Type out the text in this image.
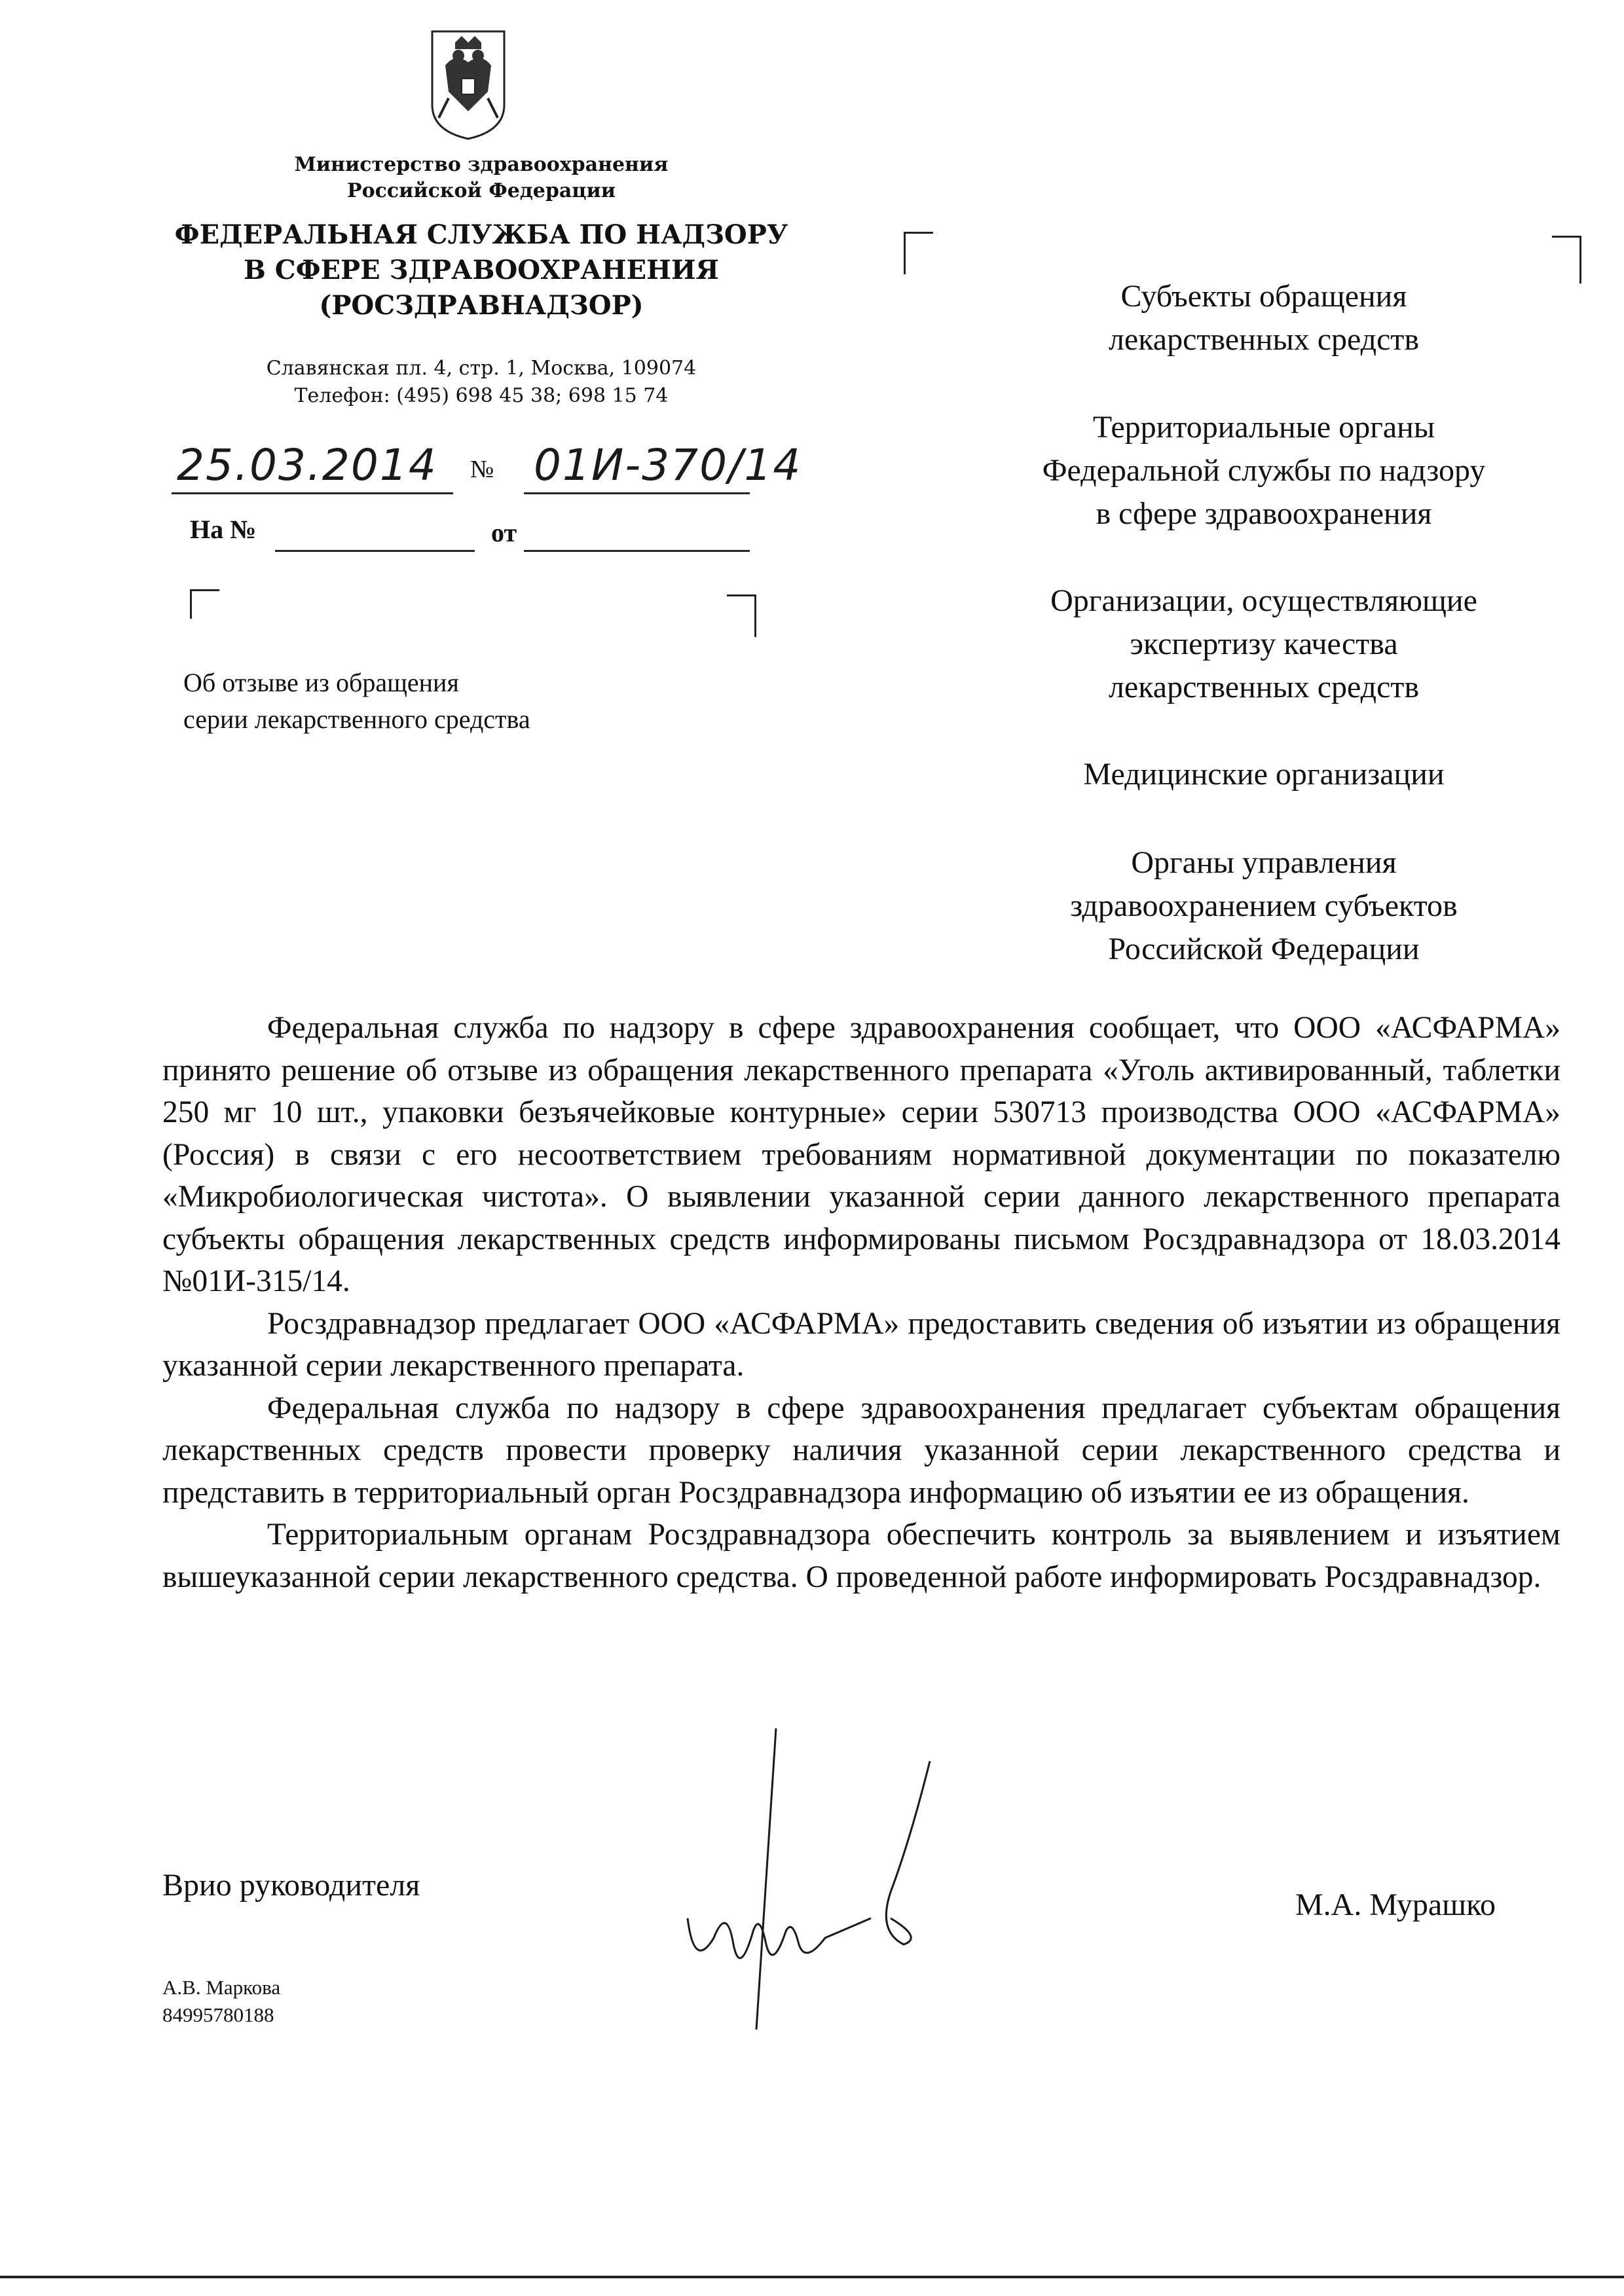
Министерство здравоохранения
Российской Федерации
ФЕДЕРАЛЬНАЯ СЛУЖБА ПО НАДЗОРУ
В СФЕРЕ ЗДРАВООХРАНЕНИЯ
(РОСЗДРАВНАДЗОР)
Славянская пл. 4, стр. 1, Москва, 109074
Телефон: (495) 698 45 38; 698 15 74
25.03.2014 № 01И-370/14
На №	от
Об отзыве из обращения
серии лекарственного средства
Субъекты обращения
лекарственных средств
Территориальные органы
Федеральной службы по надзору
в сфере здравоохранения
Организации, осуществляющие
экспертизу качества
лекарственных средств
Медицинские организации
Органы управления
здравоохранением субъектов
Российской Федерации

Федеральная служба по надзору в сфере здравоохранения сообщает, что ООО «АСФАРМА» принято решение об отзыве из обращения лекарственного препарата «Уголь активированный, таблетки 250 мг 10 шт., упаковки безъячейковые контурные» серии 530713 производства ООО «АСФАРМА» (Россия) в связи с его несоответствием требованиям нормативной документации по показателю «Микробиологическая чистота». О выявлении указанной серии данного лекарственного препарата субъекты обращения лекарственных средств информированы письмом Росздравнадзора от 18.03.2014 №01И-315/14.

Росздравнадзор предлагает ООО «АСФАРМА» предоставить сведения об изъятии из обращения указанной серии лекарственного препарата.

Федеральная служба по надзору в сфере здравоохранения предлагает субъектам обращения лекарственных средств провести проверку наличия указанной серии лекарственного средства и представить в территориальный орган Росздравнадзора информацию об изъятии ее из обращения.

Территориальным органам Росздравнадзора обеспечить контроль за выявлением и изъятием вышеуказанной серии лекарственного средства. О проведенной работе информировать Росздравнадзор.

Врио руководителя
М.А. Мурашко
А.В. Маркова
84995780188
